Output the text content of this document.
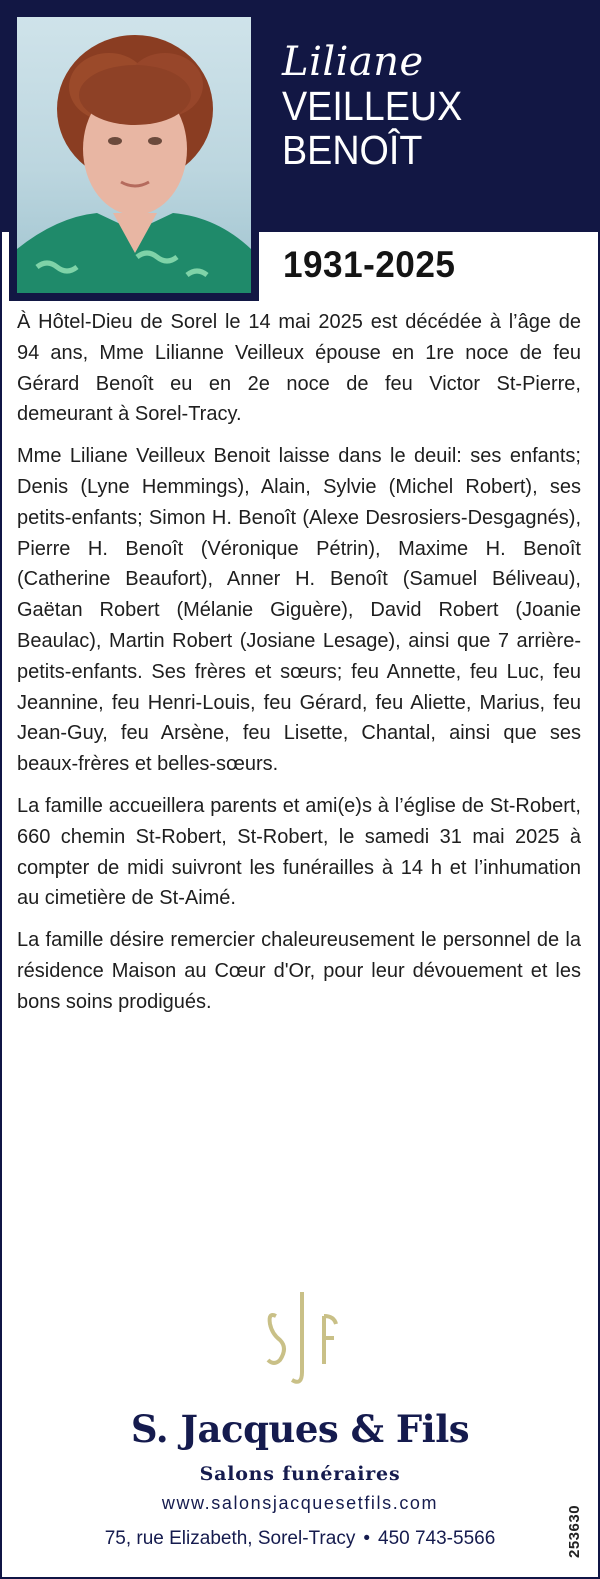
Liliane
VEILLEUX
BENOÎT
1931-2025

À Hôtel-Dieu de Sorel le 14 mai 2025 est décédée à l’âge de 94 ans, Mme Lilianne Veilleux épouse en 1re noce de feu Gérard Benoît eu en 2e noce de feu Victor St-Pierre, demeurant à Sorel-Tracy.

Mme Liliane Veilleux Benoit laisse dans le deuil: ses enfants; Denis (Lyne Hemmings), Alain, Sylvie (Michel Robert), ses petits-enfants; Simon H. Benoît (Alexe Desrosiers-Desgagnés), Pierre H. Benoît (Véronique Pétrin), Maxime H. Benoît (Catherine Beaufort), Anner H. Benoît (Samuel Béliveau), Gaëtan Robert (Mélanie Giguère), David Robert (Joanie Beaulac), Martin Robert (Josiane Lesage), ainsi que 7 arrière-petits-enfants. Ses frères et sœurs; feu Annette, feu Luc, feu Jeannine, feu Henri-Louis, feu Gérard, feu Aliette, Marius, feu Jean-Guy, feu Arsène, feu Lisette, Chantal, ainsi que ses beaux-frères et belles-sœurs.

La famille accueillera parents et ami(e)s à l’église de St-Robert, 660 chemin St-Robert, St-Robert, le samedi 31 mai 2025 à compter de midi suivront les funérailles à 14 h et l’inhumation au cimetière de St-Aimé.

La famille désire remercier chaleureusement le personnel de la résidence Maison au Cœur d'Or, pour leur dévouement et les bons soins prodigués.

S. Jacques & Fils
Salons funéraires
www.salonsjacquesetfils.com
75, rue Elizabeth, Sorel-Tracy • 450 743-5566	253630
